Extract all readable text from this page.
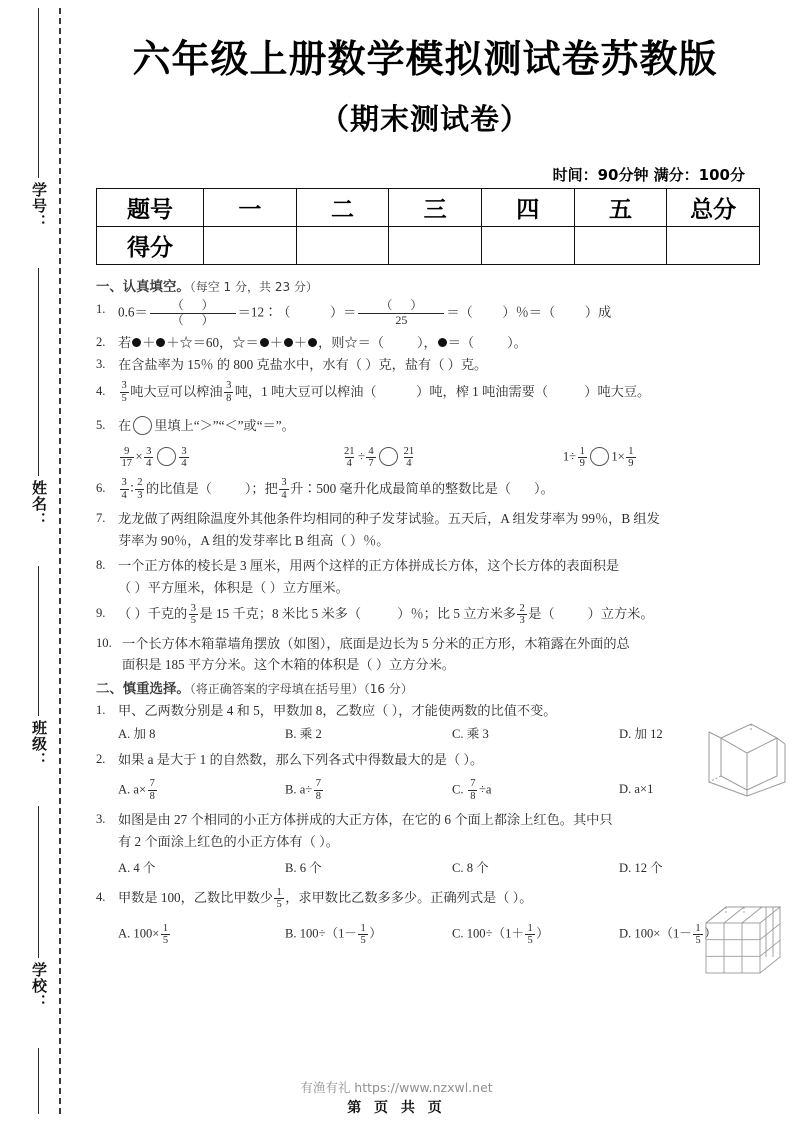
学号：
姓名：
班级：
学校：
六年级上册数学模拟测试卷苏教版
（期末测试卷）
时间：90分钟 满分：100分
题号	一	二	三	四	五	总分
得分						
一、认真填空。（每空 1 分，共 23 分）
1. $0.6= \frac{( )}{( )}$ ＝12∶（	）＝ $\frac{( )}{25}$ ＝（ ）％＝（ ）成
2. 若 ＋ ＋☆＝60，☆＝ ＋ ＋ ，则☆＝（ ）， ＝（ ）。
3. 在含盐率为 15％ 的 800 克盐水中，水有（ ）克，盐有（ ）克。
4.	$\frac{3}{5}$ 吨大豆可以榨油 $\frac{3}{8}$ 吨，1 吨大豆可以榨油（	）吨，榨 1 吨油需要（	）吨大豆。
5. 在 里填上“＞”“＜”或“＝”。
$\frac{9}{17} \times \frac{3}{4} \frac{3}{4}$	$\frac{21}{4} \div \frac{4}{7} \frac{21}{4}$	$1\div \frac{1}{9} 1\times \frac{1}{9}$
6.	$\frac{3}{4}$ ∶ $\frac{2}{3}$ 的比值是（ ）；把 $\frac{3}{4}$ 升∶500 毫升化成最简单的整数比是（ ）。
7. 龙龙做了两组除温度外其他条件均相同的种子发芽试验。五天后，A 组发芽率为 99％，B 组发
芽率为 90％，A 组的发芽率比 B 组高（ ）％。
8. 一个正方体的棱长是 3 厘米，用两个这样的正方体拼成长方体，这个长方体的表面积是
（ ）平方厘米，体积是（ ）立方厘米。
9. （ ）千克的 $\frac{3}{5}$ 是 15 千克；8 米比 5 米多（	）％；比 5 立方米多 $\frac{2}{3}$ 是（ ）立方米。
10. 一个长方体木箱靠墙角摆放（如图），底面是边长为 5 分米的正方形，木箱露在外面的总
面积是 185 平方分米。这个木箱的体积是（ ）立方分米。
二、慎重选择。（将正确答案的字母填在括号里）（16 分）
1. 甲、乙两数分别是 4 和 5，甲数加 8，乙数应（ ），才能使两数的比值不变。
A. 加 8	B. 乘 2	C. 乘 3	D. 加 12
2. 如果 a 是大于 1 的自然数，那么下列各式中得数最大的是（ ）。
A. $a\times \frac{7}{8}$	B. $a\div \frac{7}{8}$	C. $\frac{7}{8} \div a$	D. a×1
3. 如图是由 27 个相同的小正方体拼成的大正方体，在它的 6 个面上都涂上红色。其中只
有 2 个面涂上红色的小正方体有（ ）。
A. 4 个	B. 6 个	C. 8 个	D. 12 个
4. 甲数是 100，乙数比甲数少 $\frac{1}{5}$ ，求甲数比乙数多多少。正确列式是（ ）。
A. $100\times \frac{1}{5}$	B. $100\div(1- \frac{1}{5}$ ）	C. $100\div(1+ \frac{1}{5}$ ）	D. $100\times(1- \frac{1}{5}$ ）
有渔有礼 https://www.nzxwl.net
第 页 共 页
